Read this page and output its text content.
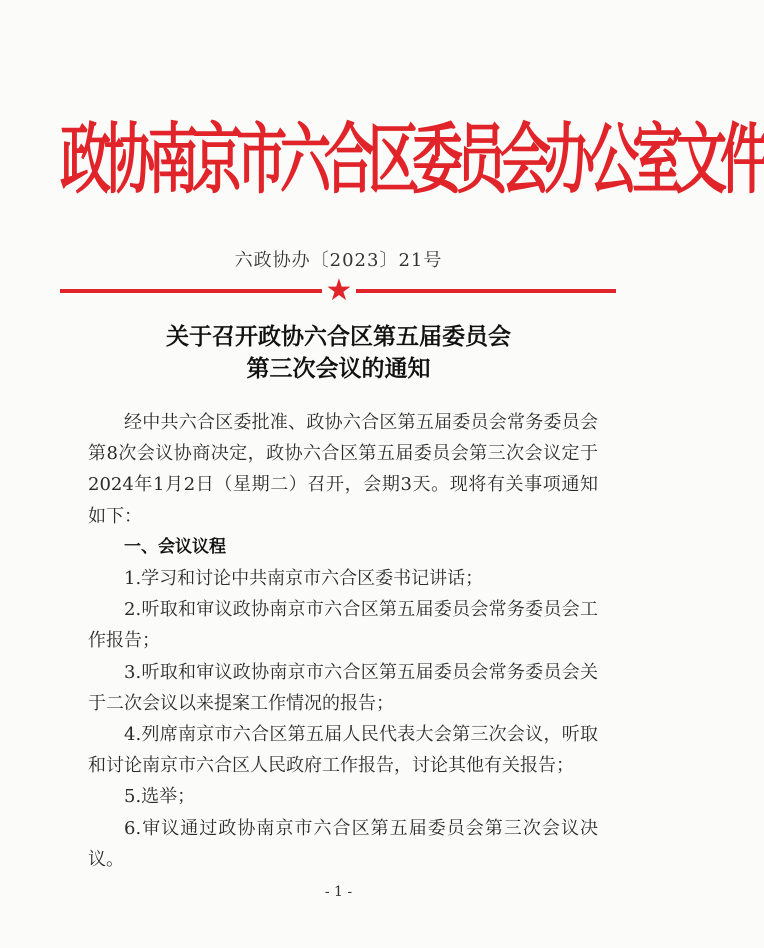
政协南京市六合区委员会办公室文件
六政协办〔2023〕21号
★
关于召开政协六合区第五届委员会
第三次会议的通知

经中共六合区委批准、政协六合区第五届委员会常务委员会第8次会议协商决定，政协六合区第五届委员会第三次会议定于2024年1月2日（星期二）召开，会期3天。现将有关事项通知如下：

一、会议议程

1.学习和讨论中共南京市六合区委书记讲话；

2.听取和审议政协南京市六合区第五届委员会常务委员会工作报告；

3.听取和审议政协南京市六合区第五届委员会常务委员会关于二次会议以来提案工作情况的报告；

4.列席南京市六合区第五届人民代表大会第三次会议，听取和讨论南京市六合区人民政府工作报告，讨论其他有关报告；

5.选举；

6.审议通过政协南京市六合区第五届委员会第三次会议决议。

- 1 -
